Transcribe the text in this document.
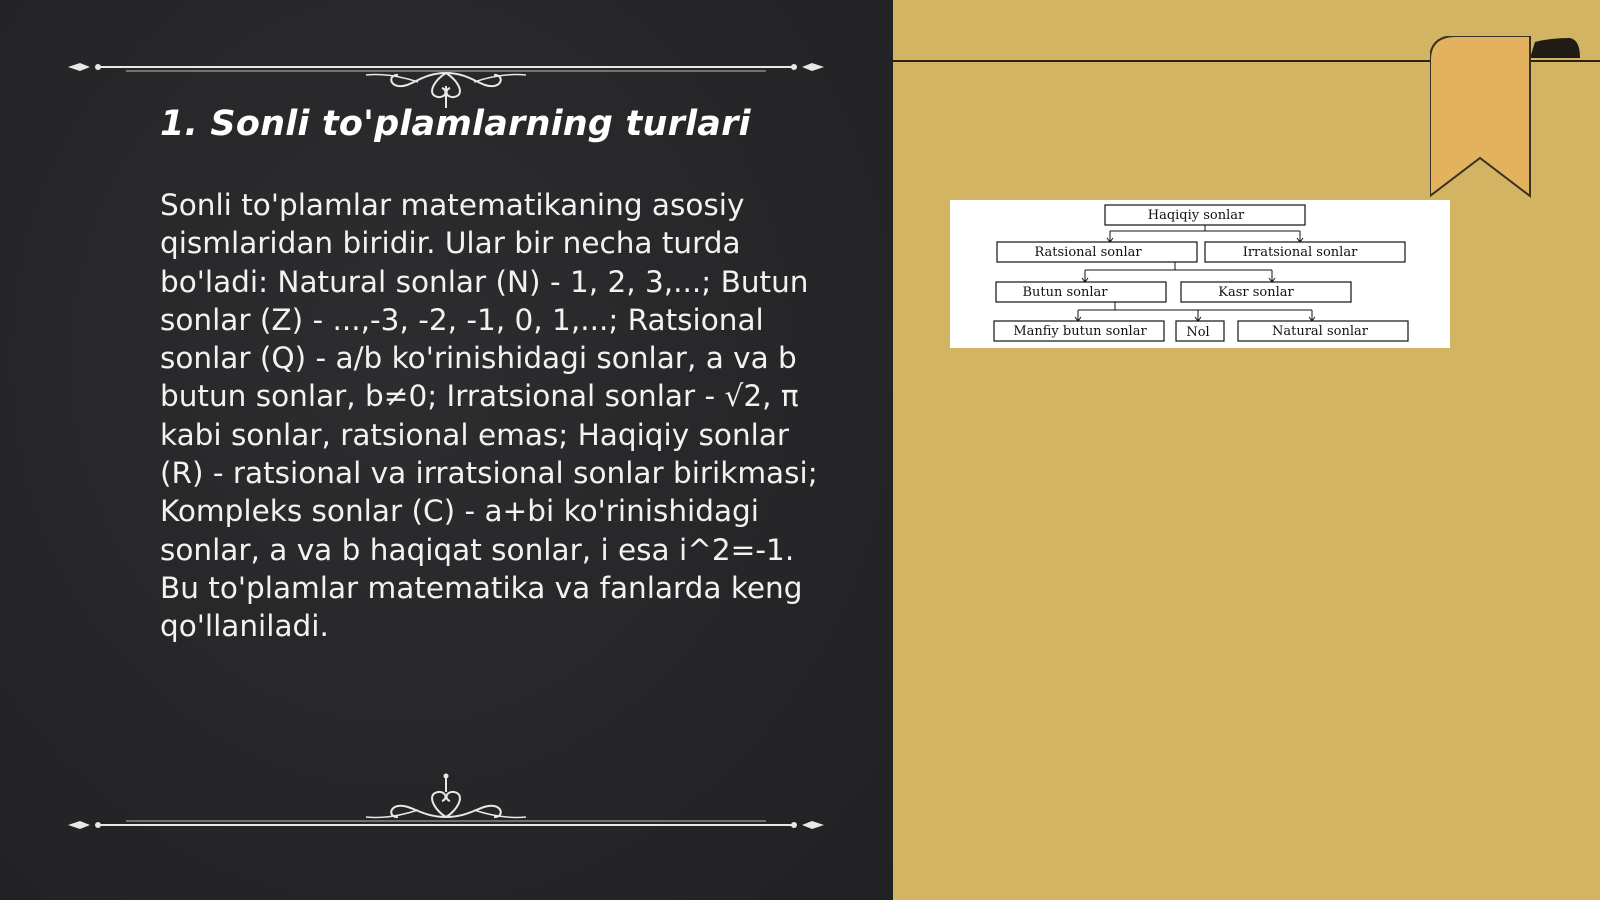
1. Sonli to'plamlarning turlari

Sonli to'plamlar matematikaning asosiy qismlaridan biridir. Ular bir necha turda bo'ladi: Natural sonlar (N) - 1, 2, 3,...; Butun sonlar (Z) - ...,-3, -2, -1, 0, 1,...; Ratsional sonlar (Q) - a/b ko'rinishidagi sonlar, a va b butun sonlar, b≠0; Irratsional sonlar - √2, π kabi sonlar, ratsional emas; Haqiqiy sonlar (R) - ratsional va irratsional sonlar birikmasi; Kompleks sonlar (C) - a+bi ko'rinishidagi sonlar, a va b haqiqat sonlar, i esa i^2=-1. Bu to'plamlar matematika va fanlarda keng qo'llaniladi.

Haqiqiy sonlar
Ratsional sonlar	Irratsional sonlar
Butun sonlar	Kasr sonlar
Manfiy butun sonlar	Nol	Natural sonlar
